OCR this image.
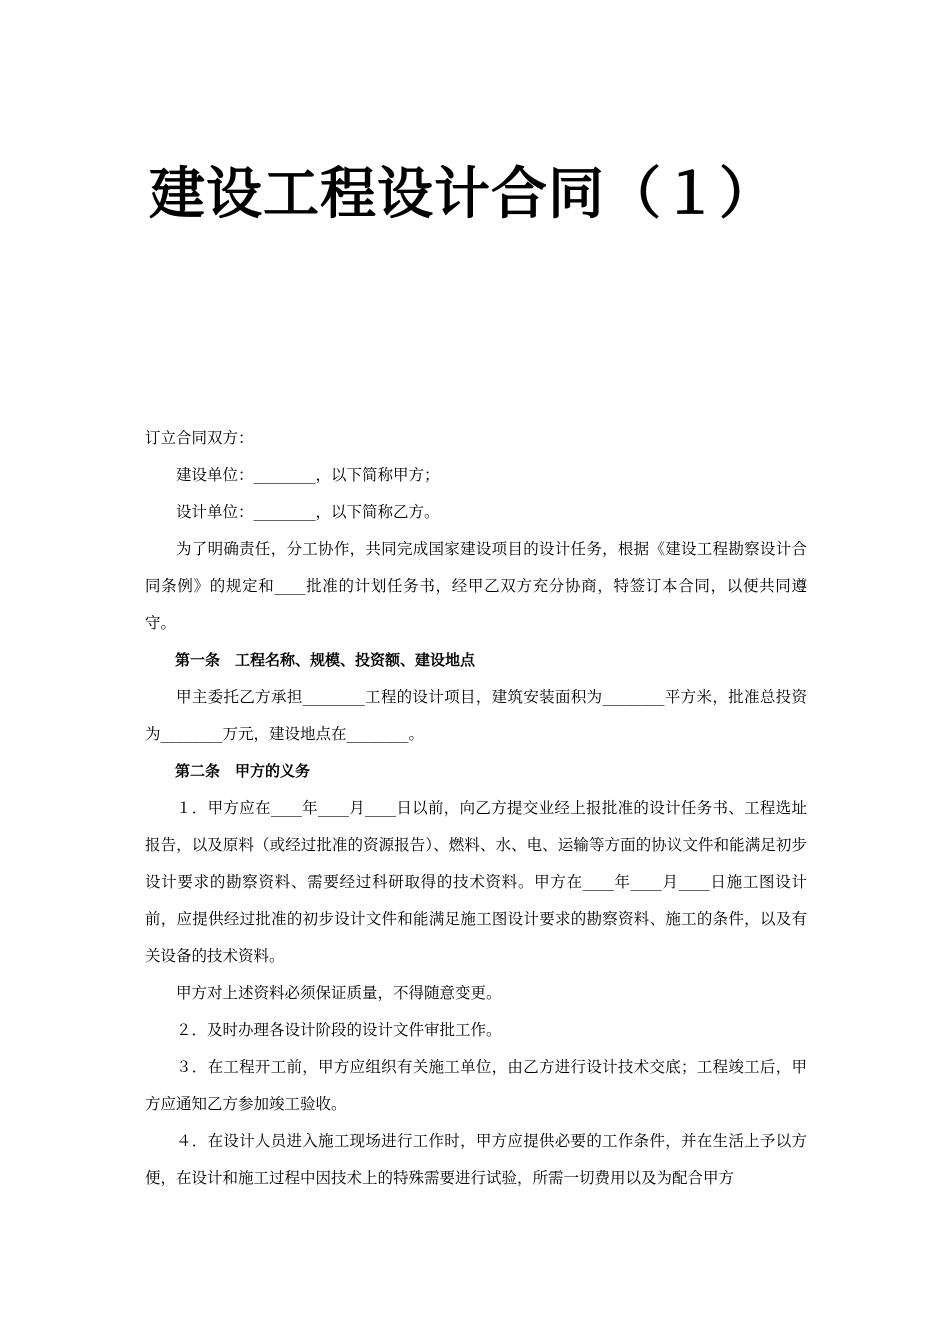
建设工程设计合同（１）

订立合同双方：

建设单位：________，以下简称甲方；

设计单位：________，以下简称乙方。

为了明确责任，分工协作，共同完成国家建设项目的设计任务，根据《建设工程勘察设计合同条例》的规定和____批准的计划任务书，经甲乙双方充分协商，特签订本合同，以便共同遵守。

第一条　工程名称、规模、投资额、建设地点

甲主委托乙方承担________工程的设计项目，建筑安装面积为________平方米，批准总投资为________万元，建设地点在________。

第二条　甲方的义务

１．甲方应在____年____月____日以前，向乙方提交业经上报批准的设计任务书、工程选址报告，以及原料（或经过批准的资源报告）、燃料、水、电、运输等方面的协议文件和能满足初步设计要求的勘察资料、需要经过科研取得的技术资料。甲方在____年____月____日施工图设计前，应提供经过批准的初步设计文件和能满足施工图设计要求的勘察资料、施工的条件，以及有关设备的技术资料。

甲方对上述资料必须保证质量，不得随意变更。

２．及时办理各设计阶段的设计文件审批工作。

３．在工程开工前，甲方应组织有关施工单位，由乙方进行设计技术交底；工程竣工后，甲方应通知乙方参加竣工验收。

４．在设计人员进入施工现场进行工作时，甲方应提供必要的工作条件，并在生活上予以方便，在设计和施工过程中因技术上的特殊需要进行试验，所需一切费用以及为配合甲方
